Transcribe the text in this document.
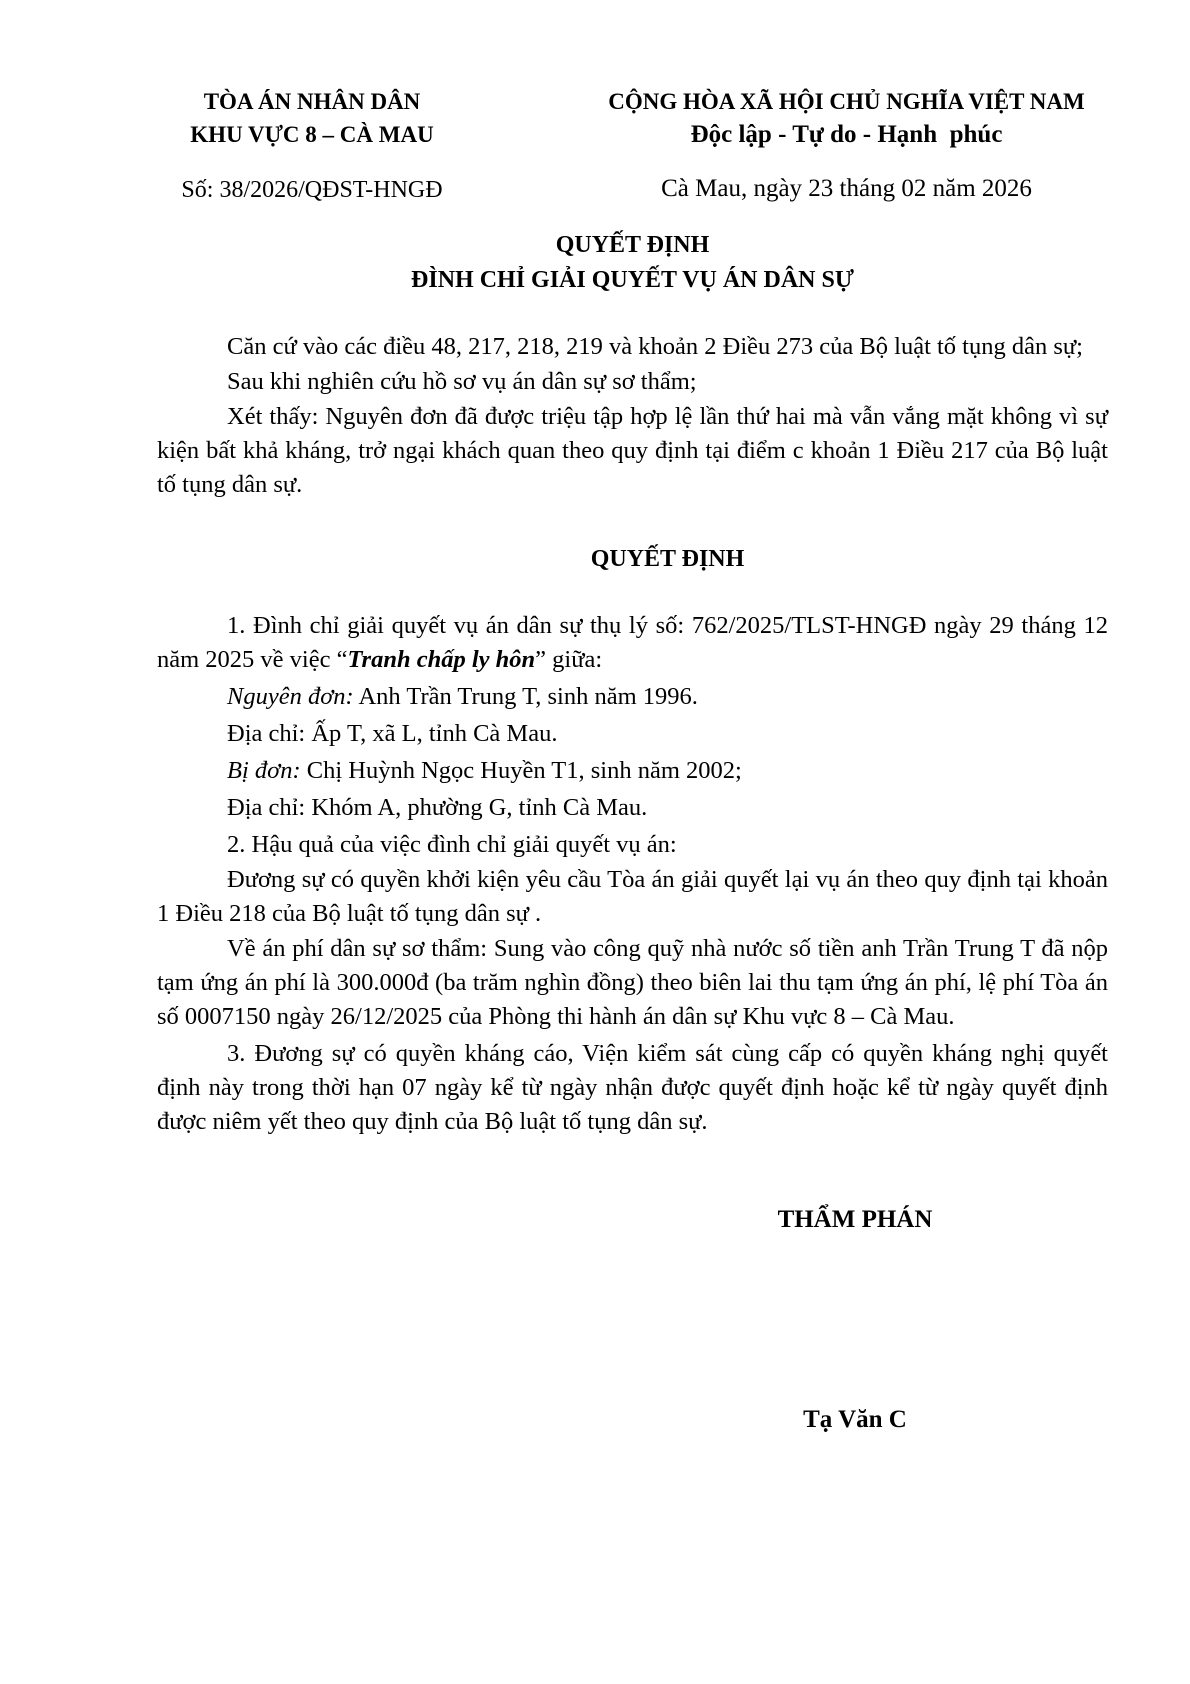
TÒA ÁN NHÂN DÂN
KHU VỰC 8 – CÀ MAU
Số: 38/2026/QĐST-HNGĐ
CỘNG HÒA XÃ HỘI CHỦ NGHĨA VIỆT NAM
Độc lập - Tự do - Hạnh  phúc
Cà Mau, ngày 23 tháng 02 năm 2026
QUYẾT ĐỊNH
ĐÌNH CHỈ GIẢI QUYẾT VỤ ÁN DÂN SỰ

Căn cứ vào các điều 48, 217, 218, 219 và khoản 2 Điều 273 của Bộ luật tố tụng dân sự;

Sau khi nghiên cứu hồ sơ vụ án dân sự sơ thẩm;

Xét thấy: Nguyên đơn đã được triệu tập hợp lệ lần thứ hai mà vẫn vắng mặt không vì sự kiện bất khả kháng, trở ngại khách quan theo quy định tại điểm c khoản 1 Điều 217 của Bộ luật tố tụng dân sự.

QUYẾT ĐỊNH

1. Đình chỉ giải quyết vụ án dân sự thụ lý số: 762/2025/TLST-HNGĐ ngày 29 tháng 12 năm 2025 về việc “Tranh chấp ly hôn” giữa:

Nguyên đơn: Anh Trần Trung T, sinh năm 1996.

Địa chỉ: Ấp T, xã L, tỉnh Cà Mau.

Bị đơn: Chị Huỳnh Ngọc Huyền T1, sinh năm 2002;

Địa chỉ: Khóm A, phường G, tỉnh Cà Mau.

2. Hậu quả của việc đình chỉ giải quyết vụ án:

Đương sự có quyền khởi kiện yêu cầu Tòa án giải quyết lại vụ án theo quy định tại khoản 1 Điều 218 của Bộ luật tố tụng dân sự .

Về án phí dân sự sơ thẩm: Sung vào công quỹ nhà nước số tiền anh Trần Trung T đã nộp tạm ứng án phí là 300.000đ (ba trăm nghìn đồng) theo biên lai thu tạm ứng án phí, lệ phí Tòa án số 0007150 ngày 26/12/2025 của Phòng thi hành án dân sự Khu vực 8 – Cà Mau.

3. Đương sự có quyền kháng cáo, Viện kiểm sát cùng cấp có quyền kháng nghị quyết định này trong thời hạn 07 ngày kể từ ngày nhận được quyết định hoặc kể từ ngày quyết định được niêm yết theo quy định của Bộ luật tố tụng dân sự.

THẨM PHÁN
Tạ Văn C
